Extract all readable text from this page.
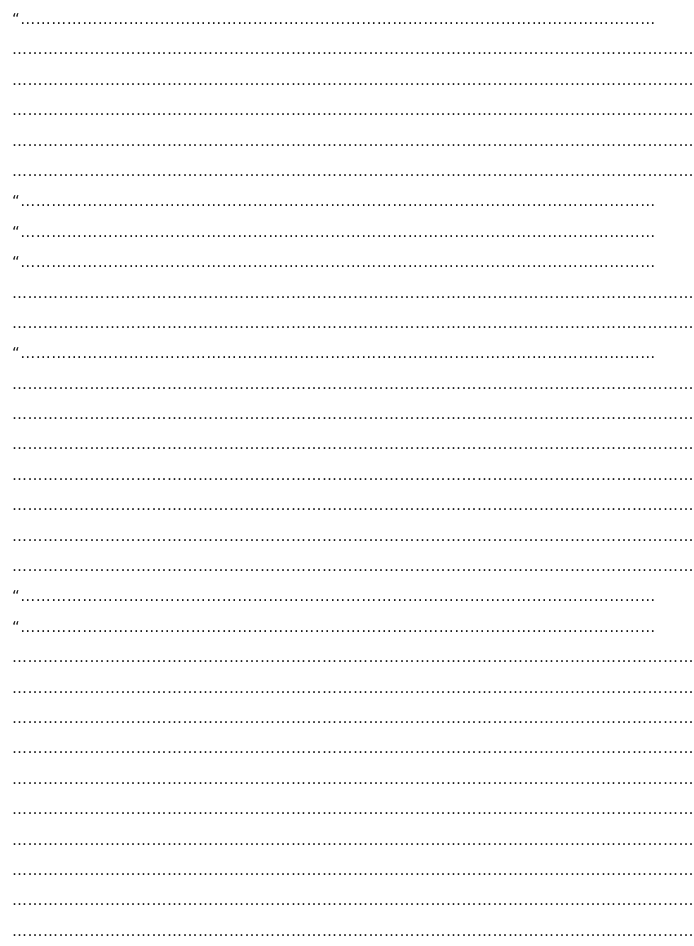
“……………………………………………………………………………………………………………
……………………………………………………………………………………………………………………
……………………………………………………………………………………………………………………
……………………………………………………………………………………………………………………
……………………………………………………………………………………………………………………
……………………………………………………………………………………………………………………
“……………………………………………………………………………………………………………
“……………………………………………………………………………………………………………
“……………………………………………………………………………………………………………
……………………………………………………………………………………………………………………
……………………………………………………………………………………………………………………
“……………………………………………………………………………………………………………
……………………………………………………………………………………………………………………
……………………………………………………………………………………………………………………
……………………………………………………………………………………………………………………
……………………………………………………………………………………………………………………
……………………………………………………………………………………………………………………
……………………………………………………………………………………………………………………
……………………………………………………………………………………………………………………
“……………………………………………………………………………………………………………
“……………………………………………………………………………………………………………
……………………………………………………………………………………………………………………
……………………………………………………………………………………………………………………
……………………………………………………………………………………………………………………
……………………………………………………………………………………………………………………
……………………………………………………………………………………………………………………
……………………………………………………………………………………………………………………
……………………………………………………………………………………………………………………
……………………………………………………………………………………………………………………
……………………………………………………………………………………………………………………
……………………………………………………………………………………………………………………
